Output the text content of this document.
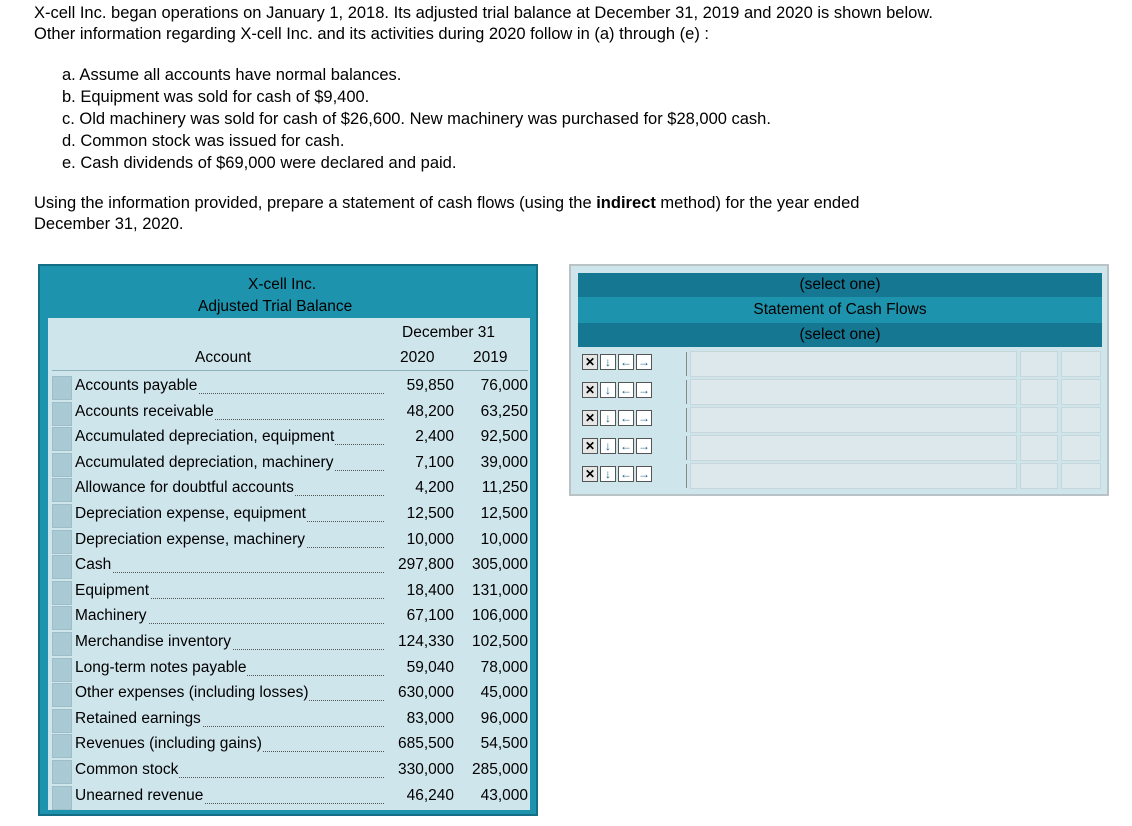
X-cell Inc. began operations on January 1, 2018. Its adjusted trial balance at December 31, 2019 and 2020 is shown below.

Other information regarding X-cell Inc. and its activities during 2020 follow in (a) through (e) :

a. Assume all accounts have normal balances.
b. Equipment was sold for cash of $9,400.
c. Old machinery was sold for cash of $26,600. New machinery was purchased for $28,000 cash.
d. Common stock was issued for cash.
e. Cash dividends of $69,000 were declared and paid.
Using the information provided, prepare a statement of cash flows (using the indirect method) for the year ended
December 31, 2020.
X-cell Inc.
Adjusted Trial Balance
December 31
Account	2020 2019
Accounts payable	59,850	76,000
Accounts receivable	48,200	63,250
Accumulated depreciation, equipment	2,400	92,500
Accumulated depreciation, machinery	7,100	39,000
Allowance for doubtful accounts	4,200	11,250
Depreciation expense, equipment	12,500	12,500
Depreciation expense, machinery	10,000	10,000
Cash	297,800	305,000
Equipment	18,400	131,000
Machinery	67,100	106,000
Merchandise inventory	124,330	102,500
Long-term notes payable	59,040	78,000
Other expenses (including losses)	630,000	45,000
Retained earnings	83,000	96,000
Revenues (including gains)	685,500	54,500
Common stock	330,000	285,000
Unearned revenue	46,240	43,000
(select one)
Statement of Cash Flows
(select one)
✕ ↓ ← →
✕ ↓ ← →
✕ ↓ ← →
✕ ↓ ← →
✕ ↓ ← →
